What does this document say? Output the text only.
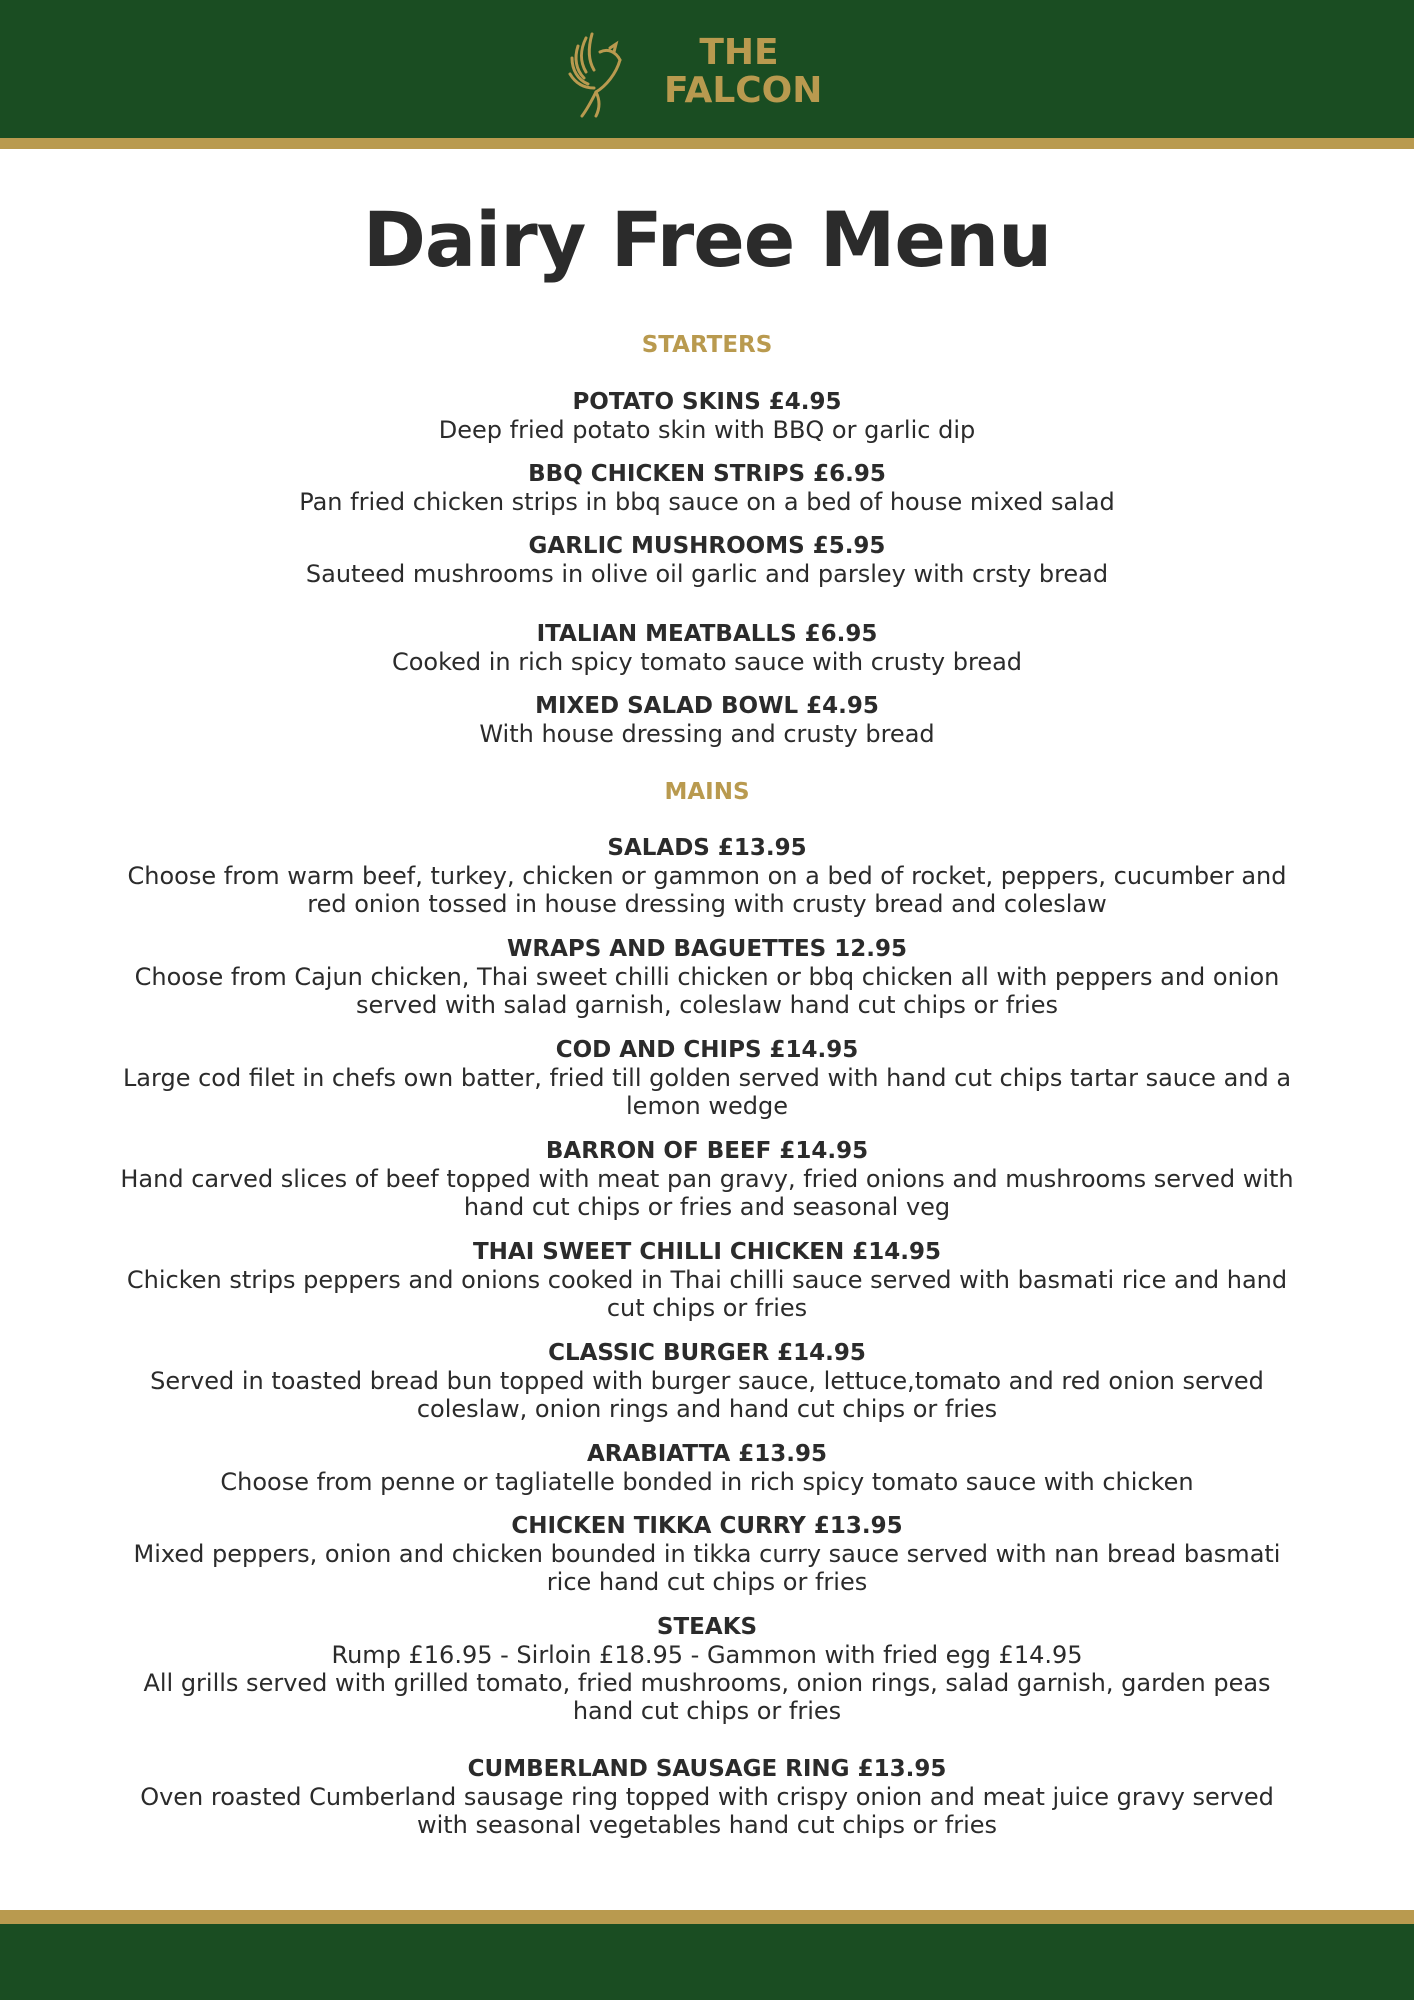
THE
FALCON
Dairy Free Menu
STARTERS
POTATO SKINS £4.95
Deep fried potato skin with BBQ or garlic dip
BBQ CHICKEN STRIPS £6.95
Pan fried chicken strips in bbq sauce on a bed of house mixed salad
GARLIC MUSHROOMS £5.95
Sauteed mushrooms in olive oil garlic and parsley with crsty bread
ITALIAN MEATBALLS £6.95
Cooked in rich spicy tomato sauce with crusty bread
MIXED SALAD BOWL £4.95
With house dressing and crusty bread
MAINS
SALADS £13.95
Choose from warm beef, turkey, chicken or gammon on a bed of rocket, peppers, cucumber and
red onion tossed in house dressing with crusty bread and coleslaw
WRAPS AND BAGUETTES 12.95
Choose from Cajun chicken, Thai sweet chilli chicken or bbq chicken all with peppers and onion
served with salad garnish, coleslaw hand cut chips or fries
COD AND CHIPS £14.95
Large cod filet in chefs own batter, fried till golden served with hand cut chips tartar sauce and a
lemon wedge
BARRON OF BEEF £14.95
Hand carved slices of beef topped with meat pan gravy, fried onions and mushrooms served with
hand cut chips or fries and seasonal veg
THAI SWEET CHILLI CHICKEN £14.95
Chicken strips peppers and onions cooked in Thai chilli sauce served with basmati rice and hand
cut chips or fries
CLASSIC BURGER £14.95
Served in toasted bread bun topped with burger sauce, lettuce,tomato and red onion served
coleslaw, onion rings and hand cut chips or fries
ARABIATTA £13.95
Choose from penne or tagliatelle bonded in rich spicy tomato sauce with chicken
CHICKEN TIKKA CURRY £13.95
Mixed peppers, onion and chicken bounded in tikka curry sauce served with nan bread basmati
rice hand cut chips or fries
STEAKS
Rump £16.95 - Sirloin £18.95 - Gammon with fried egg £14.95
All grills served with grilled tomato, fried mushrooms, onion rings, salad garnish, garden peas
hand cut chips or fries
CUMBERLAND SAUSAGE RING £13.95
Oven roasted Cumberland sausage ring topped with crispy onion and meat juice gravy served
with seasonal vegetables hand cut chips or fries
